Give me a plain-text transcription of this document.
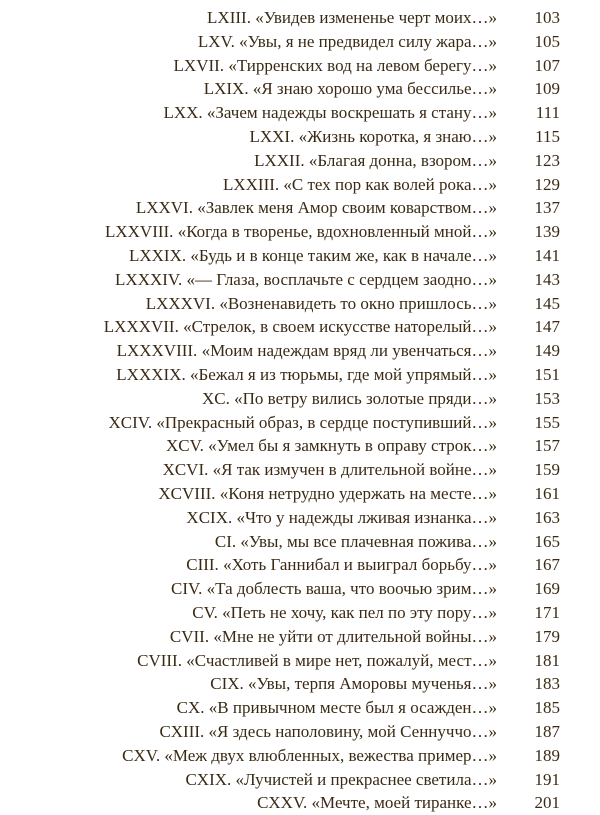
LXIII. «Увидев измененье черт моих…» 103
LXV. «Увы, я не предвидел силу жара…» 105
LXVII. «Тирренских вод на левом берегу…» 107
LXIX. «Я знаю хорошо ума бессилье…» 109
LXX. «Зачем надежды воскрешать я стану…» 111
LXXI. «Жизнь коротка, я знаю…» 115
LXXII. «Благая донна, взором…» 123
LXXIII. «С тех пор как волей рока…» 129
LXXVI. «Завлек меня Амор своим коварством…» 137
LXXVIII. «Когда в творенье, вдохновленный мной…» 139
LXXIX. «Будь и в конце таким же, как в начале…» 141
LXXXIV. «— Глаза, восплачьте с сердцем заодно…» 143
LXXXVI. «Возненавидеть то окно пришлось…» 145
LXXXVII. «Стрелок, в своем искусстве наторелый…» 147
LXXXVIII. «Моим надеждам вряд ли увенчаться…» 149
LXXXIX. «Бежал я из тюрьмы, где мой упрямый…» 151
XC. «По ветру вились золотые пряди…» 153
XCIV. «Прекрасный образ, в сердце поступивший…» 155
XCV. «Умел бы я замкнуть в оправу строк…» 157
XCVI. «Я так измучен в длительной войне…» 159
XCVIII. «Коня нетрудно удержать на месте…» 161
XCIX. «Что у надежды лживая изнанка…» 163
CI. «Увы, мы все плачевная пожива…» 165
CIII. «Хоть Ганнибал и выиграл борьбу…» 167
CIV. «Та доблесть ваша, что воочью зрим…» 169
CV. «Петь не хочу, как пел по эту пору…» 171
CVII. «Мне не уйти от длительной войны…» 179
CVIII. «Счастливей в мире нет, пожалуй, мест…» 181
CIX. «Увы, терпя Аморовы мученья…» 183
CX. «В привычном месте был я осажден…» 185
CXIII. «Я здесь наполовину, мой Сеннуччо…» 187
CXV. «Меж двух влюбленных, вежества пример…» 189
CXIX. «Лучистей и прекраснее светила…» 191
CXXV. «Мечте, моей тиранке…» 201
